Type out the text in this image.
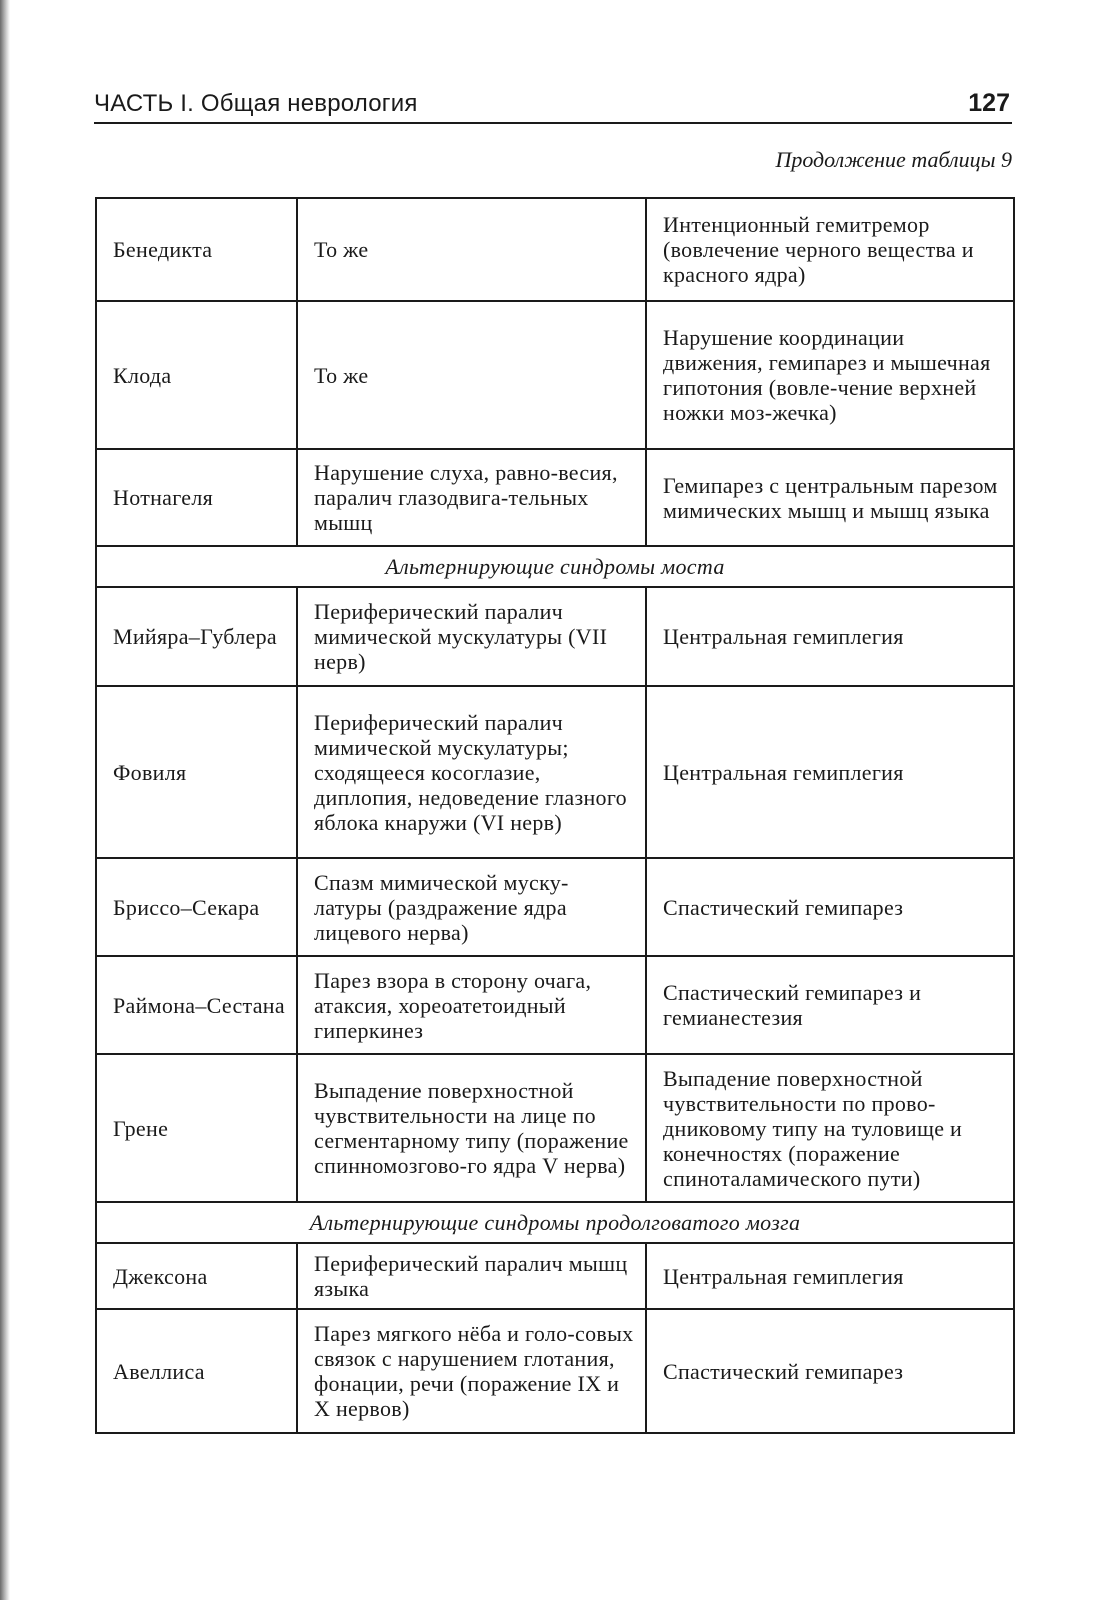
ЧАСТЬ I. Общая неврология	127
Продолжение таблицы 9
Бенедикта	То же	Интенционный гемитремор (вовлечение черного вещества и красного ядра)
Клода	То же	Нарушение координации движения, гемипарез и мышечная гипотония (вовле-чение верхней ножки моз-жечка)
Нотнагеля	Нарушение слуха, равно-весия, паралич глазодвига-тельных мышц	Гемипарез с центральным парезом мимических мышц и мышц языка
Альтернирующие синдромы моста		
Мийяра–Гублера	Периферический паралич мимической мускулатуры (VII нерв)	Центральная гемиплегия
Фовиля	Периферический паралич мимической мускулатуры; сходящееся косоглазие, диплопия, недоведение глазного яблока кнаружи (VI нерв)	Центральная гемиплегия
Бриссо–Секара	Спазм мимической муску-латуры (раздражение ядра лицевого нерва)	Спастический гемипарез
Раймона–Сестана	Парез взора в сторону очага, атаксия, хореоатетоидный гиперкинез	Спастический гемипарез и гемианестезия
Грене	Выпадение поверхностной чувствительности на лице по сегментарному типу (поражение спинномозгово-го ядра V нерва)	Выпадение поверхностной чувствительности по прово-дниковому типу на туловище и конечностях (поражение спиноталамического пути)
Альтернирующие синдромы продолговатого мозга		
Джексона	Периферический паралич мышц языка	Центральная гемиплегия
Авеллиса	Парез мягкого нёба и голо-совых связок с нарушением глотания, фонации, речи (поражение IX и X нервов)	Спастический гемипарез
